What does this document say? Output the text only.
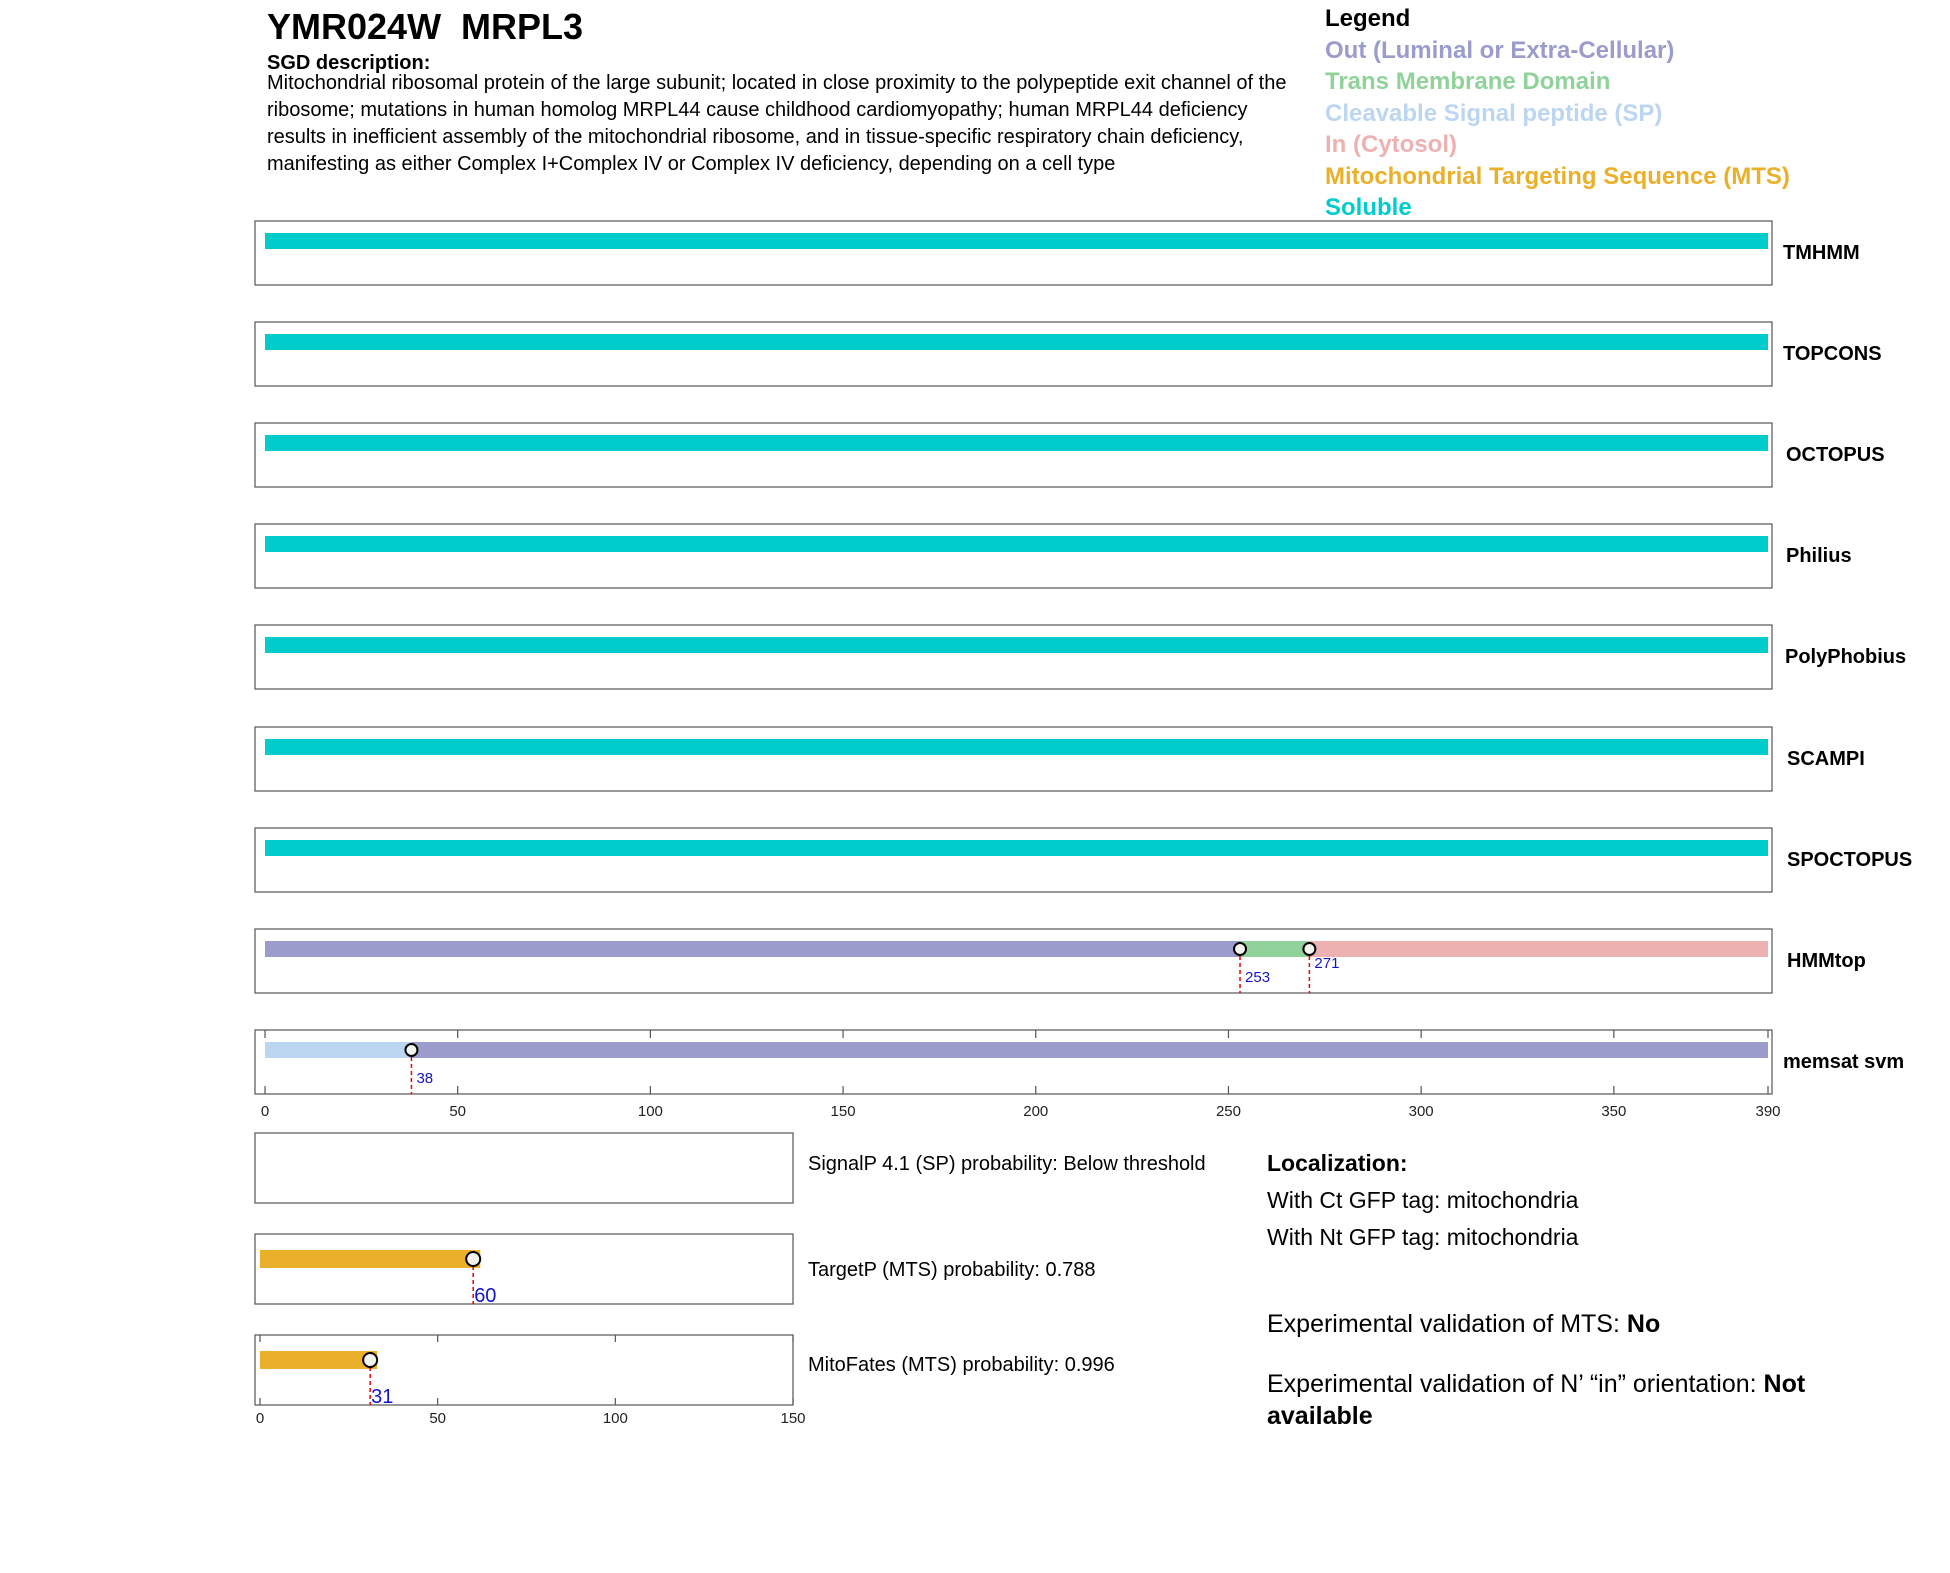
YMR024W  MRPL3
SGD description:
Mitochondrial ribosomal protein of the large subunit; located in close proximity to the polypeptide exit channel of the ribosome; mutations in human homolog MRPL44 cause childhood cardiomyopathy; human MRPL44 deficiency results in inefficient assembly of the mitochondrial ribosome, and in tissue-specific respiratory chain deficiency, manifesting as either Complex I+Complex IV or Complex IV deficiency, depending on a cell type
Legend
Out (Luminal or Extra-Cellular)
Trans Membrane Domain
Cleavable Signal peptide (SP)
In (Cytosol)
Mitochondrial Targeting Sequence (MTS)
Soluble
TMHMM
TOPCONS
OCTOPUS
Philius
PolyPhobius
SCAMPI
SPOCTOPUS
253
271	HMMtop
38
memsat svm
0	50	100	150	200	250	300	350	390
60
31
0	50	100	150
SignalP 4.1 (SP) probability: Below threshold
TargetP (MTS) probability: 0.788
MitoFates (MTS) probability: 0.996
Localization:
With Ct GFP tag: mitochondria
With Nt GFP tag: mitochondria
Experimental validation of MTS: No
Experimental validation of N’ “in” orientation: Not available
